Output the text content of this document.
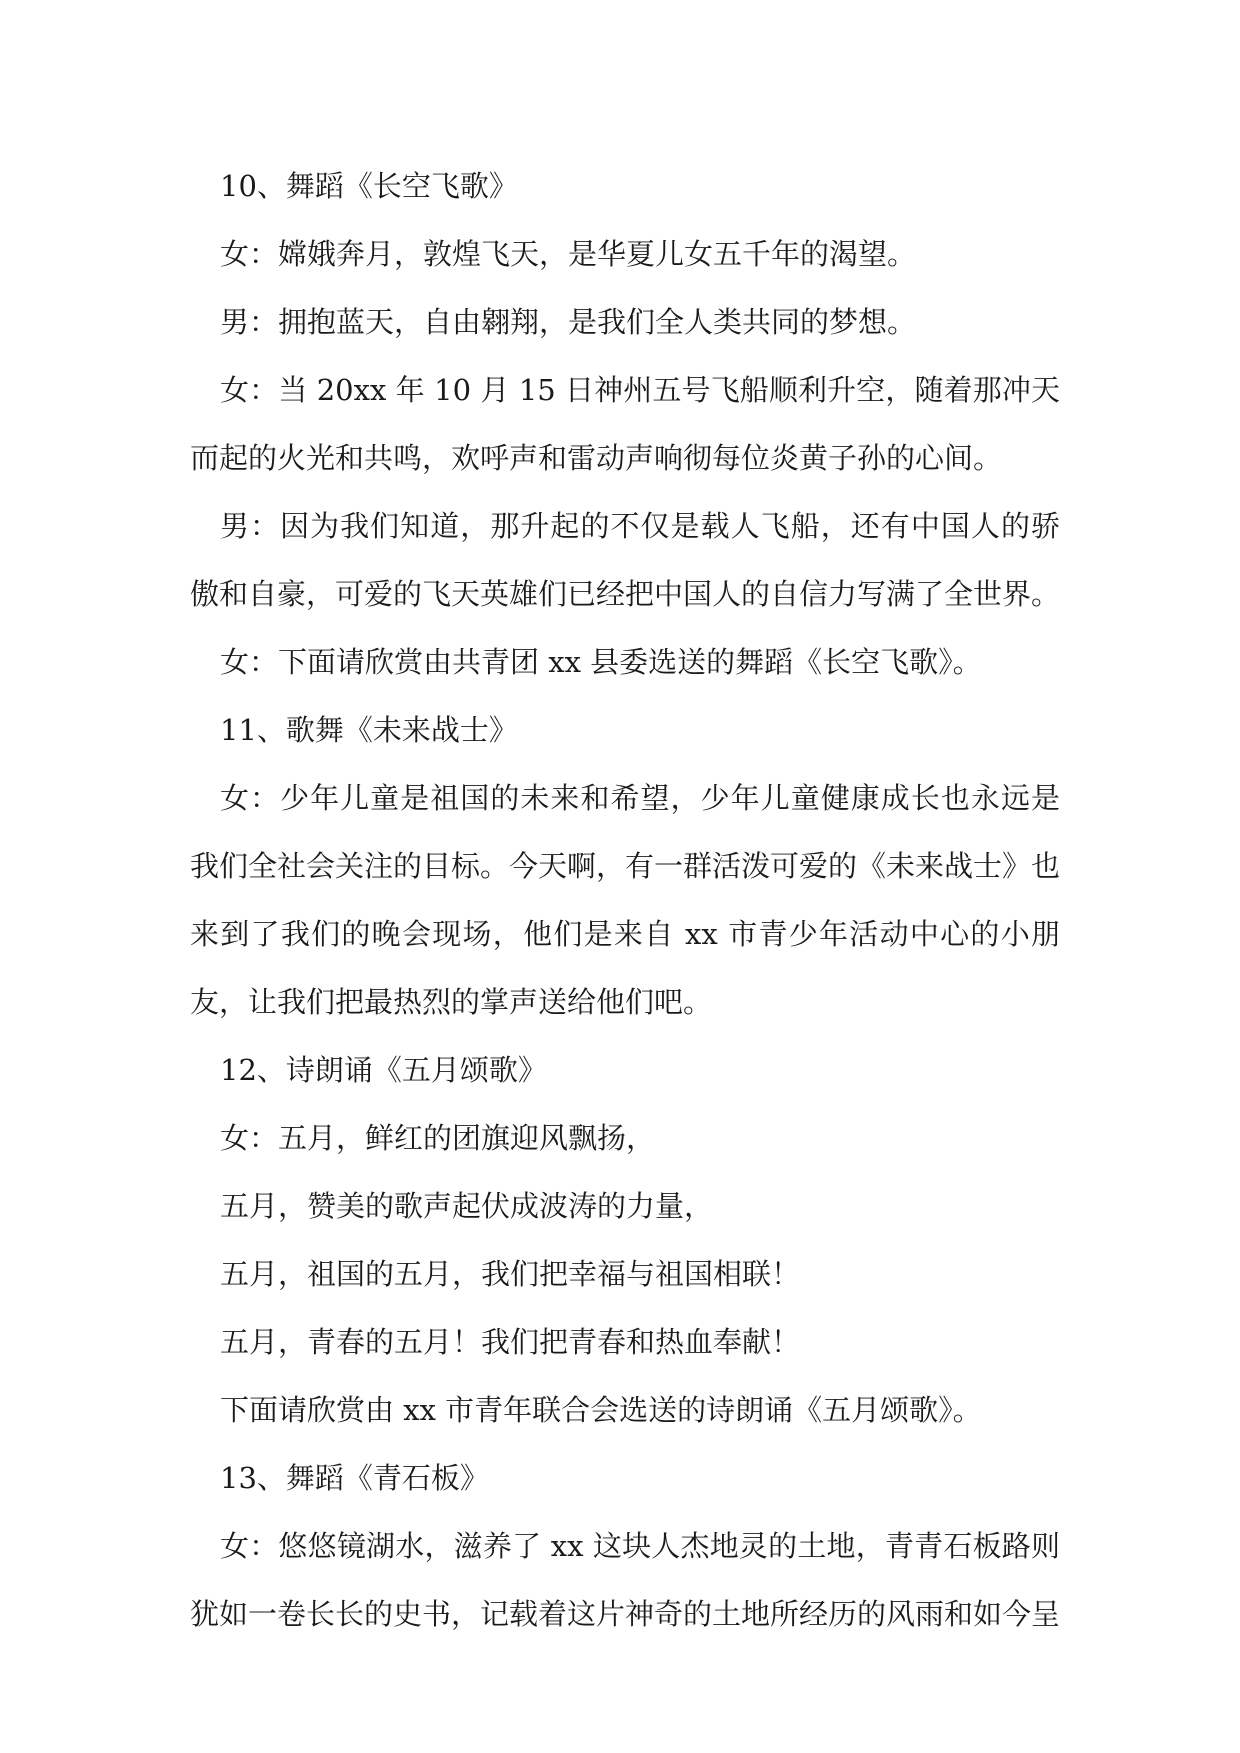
10、舞蹈《长空飞歌》

女：嫦娥奔月，敦煌飞天，是华夏儿女五千年的渴望。

男：拥抱蓝天，自由翱翔，是我们全人类共同的梦想。

女：当 20xx 年 10 月 15 日神州五号飞船顺利升空，随着那冲天而起的火光和共鸣，欢呼声和雷动声响彻每位炎黄子孙的心间。

男：因为我们知道，那升起的不仅是载人飞船，还有中国人的骄傲和自豪，可爱的飞天英雄们已经把中国人的自信力写满了全世界。

女：下面请欣赏由共青团 xx 县委选送的舞蹈《长空飞歌》。

11、歌舞《未来战士》

女：少年儿童是祖国的未来和希望，少年儿童健康成长也永远是我们全社会关注的目标。今天啊，有一群活泼可爱的《未来战士》也来到了我们的晚会现场，他们是来自 xx 市青少年活动中心的小朋友，让我们把最热烈的掌声送给他们吧。

12、诗朗诵《五月颂歌》

女：五月，鲜红的团旗迎风飘扬，

五月，赞美的歌声起伏成波涛的力量，

五月，祖国的五月，我们把幸福与祖国相联！

五月，青春的五月！我们把青春和热血奉献！

下面请欣赏由 xx 市青年联合会选送的诗朗诵《五月颂歌》。

13、舞蹈《青石板》

女：悠悠镜湖水，滋养了 xx 这块人杰地灵的土地，青青石板路则犹如一卷长长的史书，记载着这片神奇的土地所经历的风雨和如今呈
